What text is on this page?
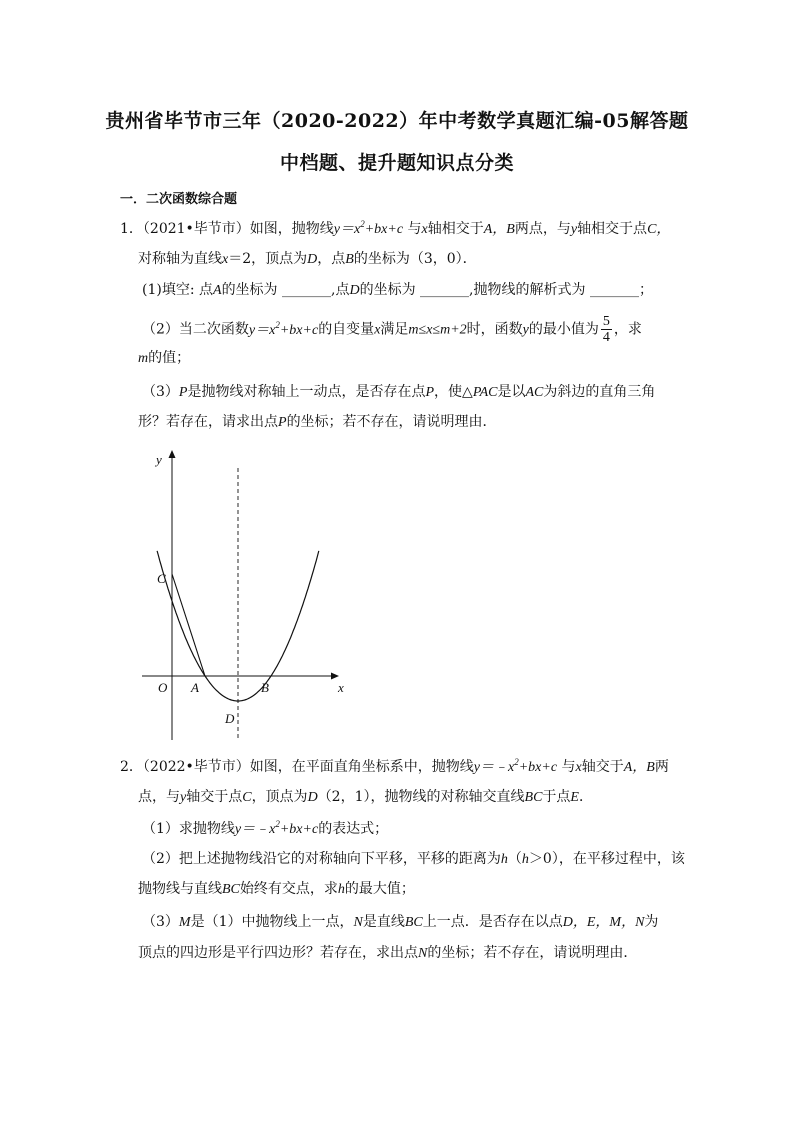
贵州省毕节市三年（2020-2022）年中考数学真题汇编-05解答题
中档题、提升题知识点分类
一．二次函数综合题
1．（2021•毕节市）如图，抛物线$y=x^2+bx+c$ 与x轴相交于A，B两点，与y轴相交于点C，
对称轴为直线x＝2，顶点为D，点B的坐标为（3，0）．
(1)填空: 点A的坐标为 _______,点D的坐标为 _______,抛物线的解析式为 _______；
（2）当二次函数$y=x^2+bx+c$的自变量x满足m≤x≤m+2时，函数y的最小值为 $\frac{5}{4}$ ，求
m的值；
（3）P是抛物线对称轴上一动点，是否存在点P，使△PAC是以AC为斜边的直角三角
形？若存在，请求出点P的坐标；若不存在，请说明理由．
y
x
O A	B
C
D
2．（2022•毕节市）如图，在平面直角坐标系中，抛物线$y=﹣x^2+bx+c$ 与x轴交于A，B两
点，与y轴交于点C，顶点为D（2，1），抛物线的对称轴交直线BC于点E．
（1）求抛物线$y=﹣x^2+bx+c$的表达式；
（2）把上述抛物线沿它的对称轴向下平移，平移的距离为h（h＞0），在平移过程中，该
抛物线与直线BC始终有交点，求h的最大值；
（3）M是（1）中抛物线上一点，N是直线BC上一点．是否存在以点D，E，M，N为
顶点的四边形是平行四边形？若存在，求出点N的坐标；若不存在，请说明理由．
